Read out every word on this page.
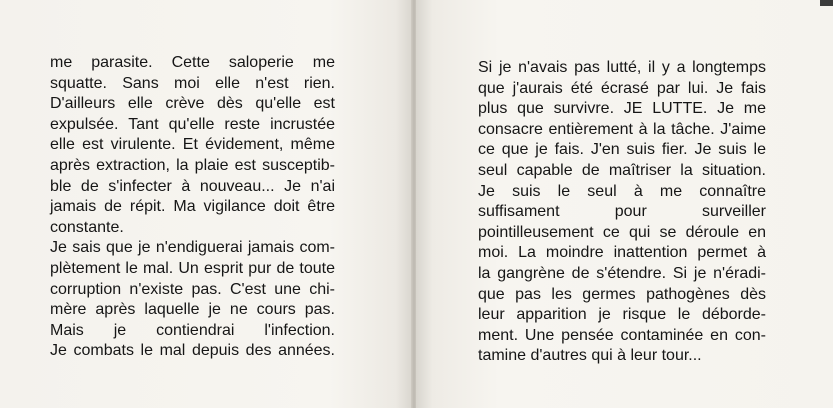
me parasite. Cette saloperie me
squatte. Sans moi elle n'est rien.
D'ailleurs elle crève dès qu'elle est
expulsée. Tant qu'elle reste incrustée
elle est virulente. Et évidement, même
après extraction, la plaie est susceptib-
ble de s'infecter à nouveau... Je n'ai
jamais de répit. Ma vigilance doit être
constante.
Je sais que je n'endiguerai jamais com-
plètement le mal. Un esprit pur de toute
corruption n'existe pas. C'est une chi-
mère après laquelle je ne cours pas.
Mais je contiendrai l'infection.
Je combats le mal depuis des années.
Si je n'avais pas lutté, il y a longtemps
que j'aurais été écrasé par lui. Je fais
plus que survivre. JE LUTTE. Je me
consacre entièrement à la tâche. J'aime
ce que je fais. J'en suis fier. Je suis le
seul capable de maîtriser la situation.
Je suis le seul à me connaître
suffisament pour surveiller
pointilleusement ce qui se déroule en
moi. La moindre inattention permet à
la gangrène de s'étendre. Si je n'éradi-
que pas les germes pathogènes dès
leur apparition je risque le débordе-
ment. Une pensée contaminée en con-
tamine d'autres qui à leur tour...
